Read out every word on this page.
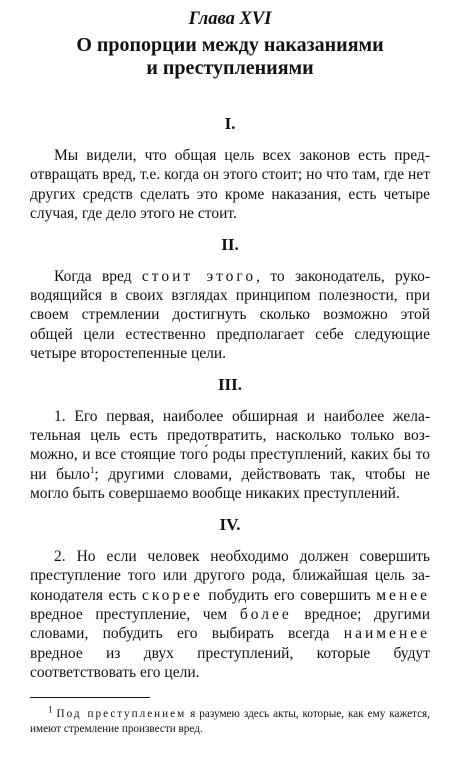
Глава XVI

О пропорции между наказаниями
и преступлениями

I.

Мы видели, что общая цель всех законов есть предотвращать вред, т.е. когда он этого стоит; но что там, где нет других средств сделать это кроме наказания, есть четыре случая, где дело этого не стоит.

II.

Когда вред стоит этого, то законодатель, руководящийся в своих взглядах принципом полезности, при своем стремлении достигнуть сколько возможно этой общей цели естественно предполагает себе следующие четыре второстепенные цели.

III.

1. Его первая, наиболее обширная и наиболее желательная цель есть предотвратить, насколько только возможно, и все стоящие того́ роды преступлений, каких бы то ни было$^1$; другими словами, действовать так, чтобы не могло быть совершаемо вообще никаких преступлений.

IV.

2. Но если человек необходимо должен совершить преступление того или другого рода, ближайшая цель законодателя есть скорее побудить его совершить менее вредное преступление, чем более вредное; другими словами, побудить его выбирать всегда наименее вредное из двух преступлений, которые будут соответствовать его цели.

$^1$ Под преступлением я разумею здесь акты, которые, как ему кажется, имеют стремление произвести вред.
